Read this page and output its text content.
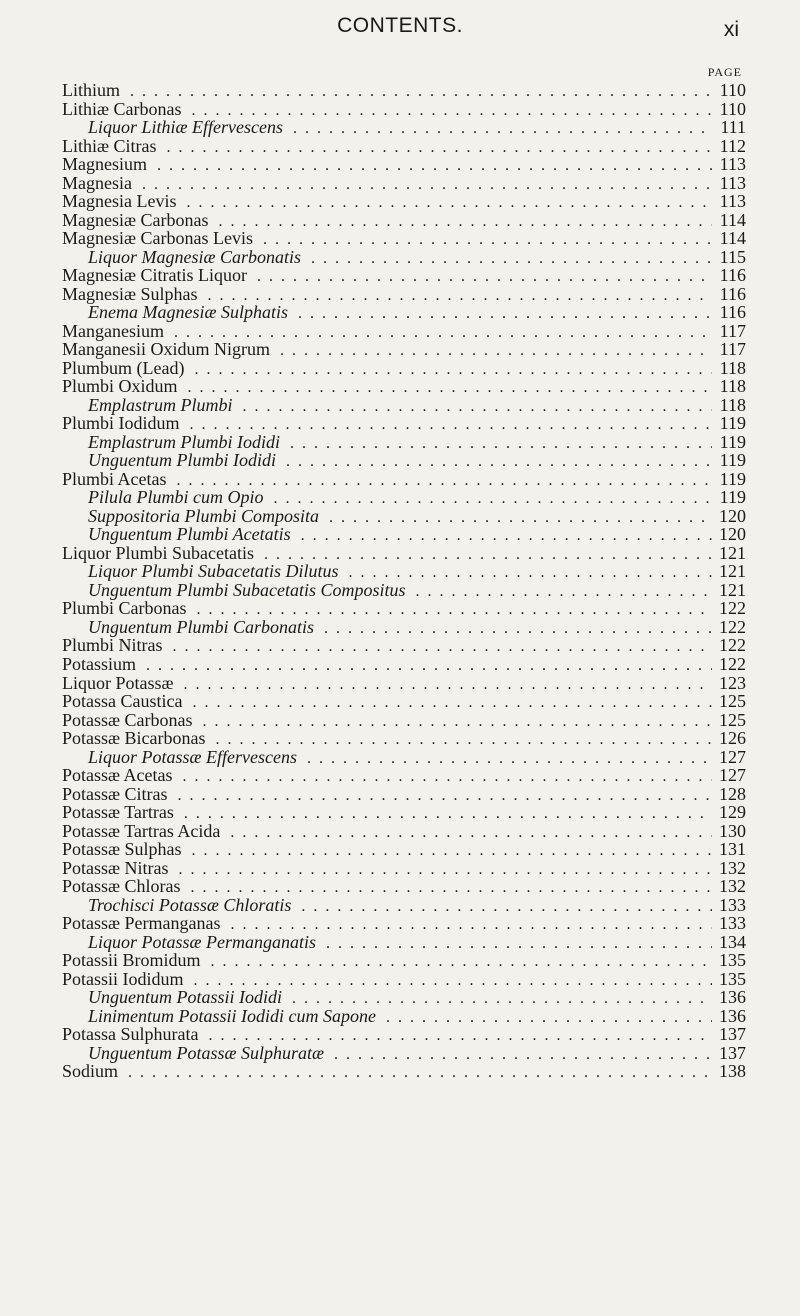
CONTENTS.	xi
PAGE
Lithium . . .	110
Lithiæ Carbonas . . .	110
Liquor Lithiæ Effervescens . . .	111
Lithiæ Citras . . .	112
Magnesium . . .	113
Magnesia . . .	113
Magnesia Levis . . .	113
Magnesiæ Carbonas . . .	114
Magnesiæ Carbonas Levis . . .	114
Liquor Magnesiæ Carbonatis . . .	115
Magnesiæ Citratis Liquor . . .	116
Magnesiæ Sulphas . . .	116
Enema Magnesiæ Sulphatis . . .	116
Manganesium . . .	117
Manganesii Oxidum Nigrum . . .	117
Plumbum (Lead) . . .	118
Plumbi Oxidum . . .	118
Emplastrum Plumbi . . .	118
Plumbi Iodidum . . .	119
Emplastrum Plumbi Iodidi . . .	119
Unguentum Plumbi Iodidi . . .	119
Plumbi Acetas . . .	119
Pilula Plumbi cum Opio . . .	119
Suppositoria Plumbi Composita . . .	120
Unguentum Plumbi Acetatis . . .	120
Liquor Plumbi Subacetatis . . .	121
Liquor Plumbi Subacetatis Dilutus . . .	121
Unguentum Plumbi Subacetatis Compositus . . .	121
Plumbi Carbonas . . .	122
Unguentum Plumbi Carbonatis . . .	122
Plumbi Nitras . . .	122
Potassium . . .	122
Liquor Potassæ . . .	123
Potassa Caustica . . .	125
Potassæ Carbonas . . .	125
Potassæ Bicarbonas . . .	126
Liquor Potassæ Effervescens . . .	127
Potassæ Acetas . . .	127
Potassæ Citras . . .	128
Potassæ Tartras . . .	129
Potassæ Tartras Acida . . .	130
Potassæ Sulphas . . .	131
Potassæ Nitras . . .	132
Potassæ Chloras . . .	132
Trochisci Potassæ Chloratis . . .	133
Potassæ Permanganas . . .	133
Liquor Potassæ Permanganatis . . .	134
Potassii Bromidum . . .	135
Potassii Iodidum . . .	135
Unguentum Potassii Iodidi . . .	136
Linimentum Potassii Iodidi cum Sapone . . .	136
Potassa Sulphurata . . .	137
Unguentum Potassæ Sulphuratæ . . .	137
Sodium . . .	138
